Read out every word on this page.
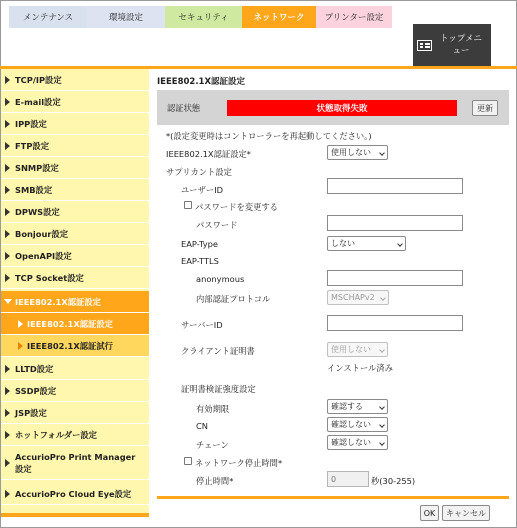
メンテナンス	環境設定	セキュリティ	ネットワーク	プリンター設定
トップメニュー
TCP/IP設定
E-mail設定
IPP設定
FTP設定
SNMP設定
SMB設定
DPWS設定
Bonjour設定
OpenAPI設定
TCP Socket設定
IEEE802.1X認証設定
IEEE802.1X認証設定
IEEE802.1X認証試行
LLTD設定
SSDP設定
JSP設定
ホットフォルダー設定
AccurioPro Print Manager設定
AccurioPro Cloud Eye設定
IEEE802.1X認証設定
認証状態	状態取得失敗	更新
*(設定変更時はコントローラーを再起動してください。)
IEEE802.1X認証設定*	使用しない
サプリカント設定
ユーザーID
パスワードを変更する
パスワード
EAP-Type	しない
EAP-TTLS
anonymous
内部認証プロトコル	MSCHAPv2
サーバーID
クライアント証明書	使用しない
インストール済み
証明書検証強度設定
有効期限	確認する
CN	確認しない
チェーン	確認しない
ネットワーク停止時間*
停止時間*	0	秒(30-255)
OK	キャンセル
